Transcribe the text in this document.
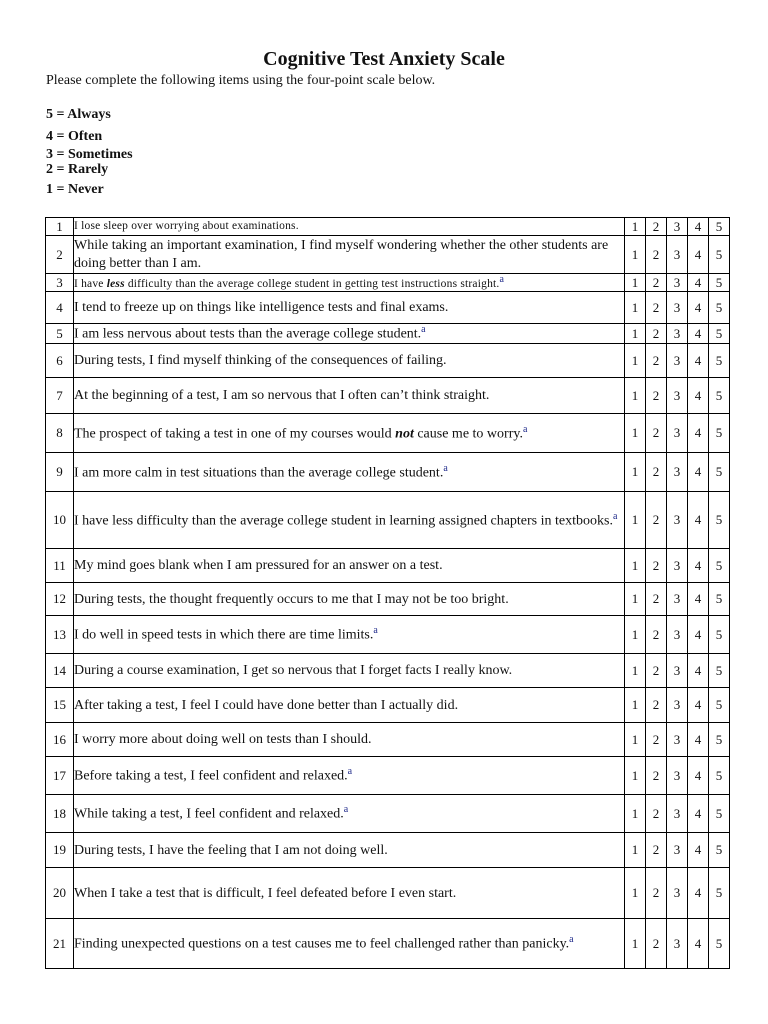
Cognitive Test Anxiety Scale
Please complete the following items using the four-point scale below.
5 = Always
4 = Often
3 = Sometimes
2 = Rarely
1 = Never
1	I lose sleep over worrying about examinations.	1	2	3	4	5
2	While taking an important examination, I find myself wondering whether the other students are doing better than I am.	1	2	3	4	5
3	I have less difficulty than the average college student in getting test instructions straight.$^a$	1	2	3	4	5
4	I tend to freeze up on things like intelligence tests and final exams.	1	2	3	4	5
5	I am less nervous about tests than the average college student.$^a$	1	2	3	4	5
6	During tests, I find myself thinking of the consequences of failing.	1	2	3	4	5
7	At the beginning of a test, I am so nervous that I often can’t think straight.	1	2	3	4	5
8	The prospect of taking a test in one of my courses would not cause me to worry.$^a$	1	2	3	4	5
9	I am more calm in test situations than the average college student.$^a$	1	2	3	4	5
10	I have less difficulty than the average college student in learning assigned chapters in textbooks.$^a$	1	2	3	4	5
11	My mind goes blank when I am pressured for an answer on a test.	1	2	3	4	5
12	During tests, the thought frequently occurs to me that I may not be too bright.	1	2	3	4	5
13	I do well in speed tests in which there are time limits.$^a$	1	2	3	4	5
14	During a course examination, I get so nervous that I forget facts I really know.	1	2	3	4	5
15	After taking a test, I feel I could have done better than I actually did.	1	2	3	4	5
16	I worry more about doing well on tests than I should.	1	2	3	4	5
17	Before taking a test, I feel confident and relaxed.$^a$	1	2	3	4	5
18	While taking a test, I feel confident and relaxed.$^a$	1	2	3	4	5
19	During tests, I have the feeling that I am not doing well.	1	2	3	4	5
20	When I take a test that is difficult, I feel defeated before I even start.	1	2	3	4	5
21	Finding unexpected questions on a test causes me to feel challenged rather than panicky.$^a$	1	2	3	4	5
